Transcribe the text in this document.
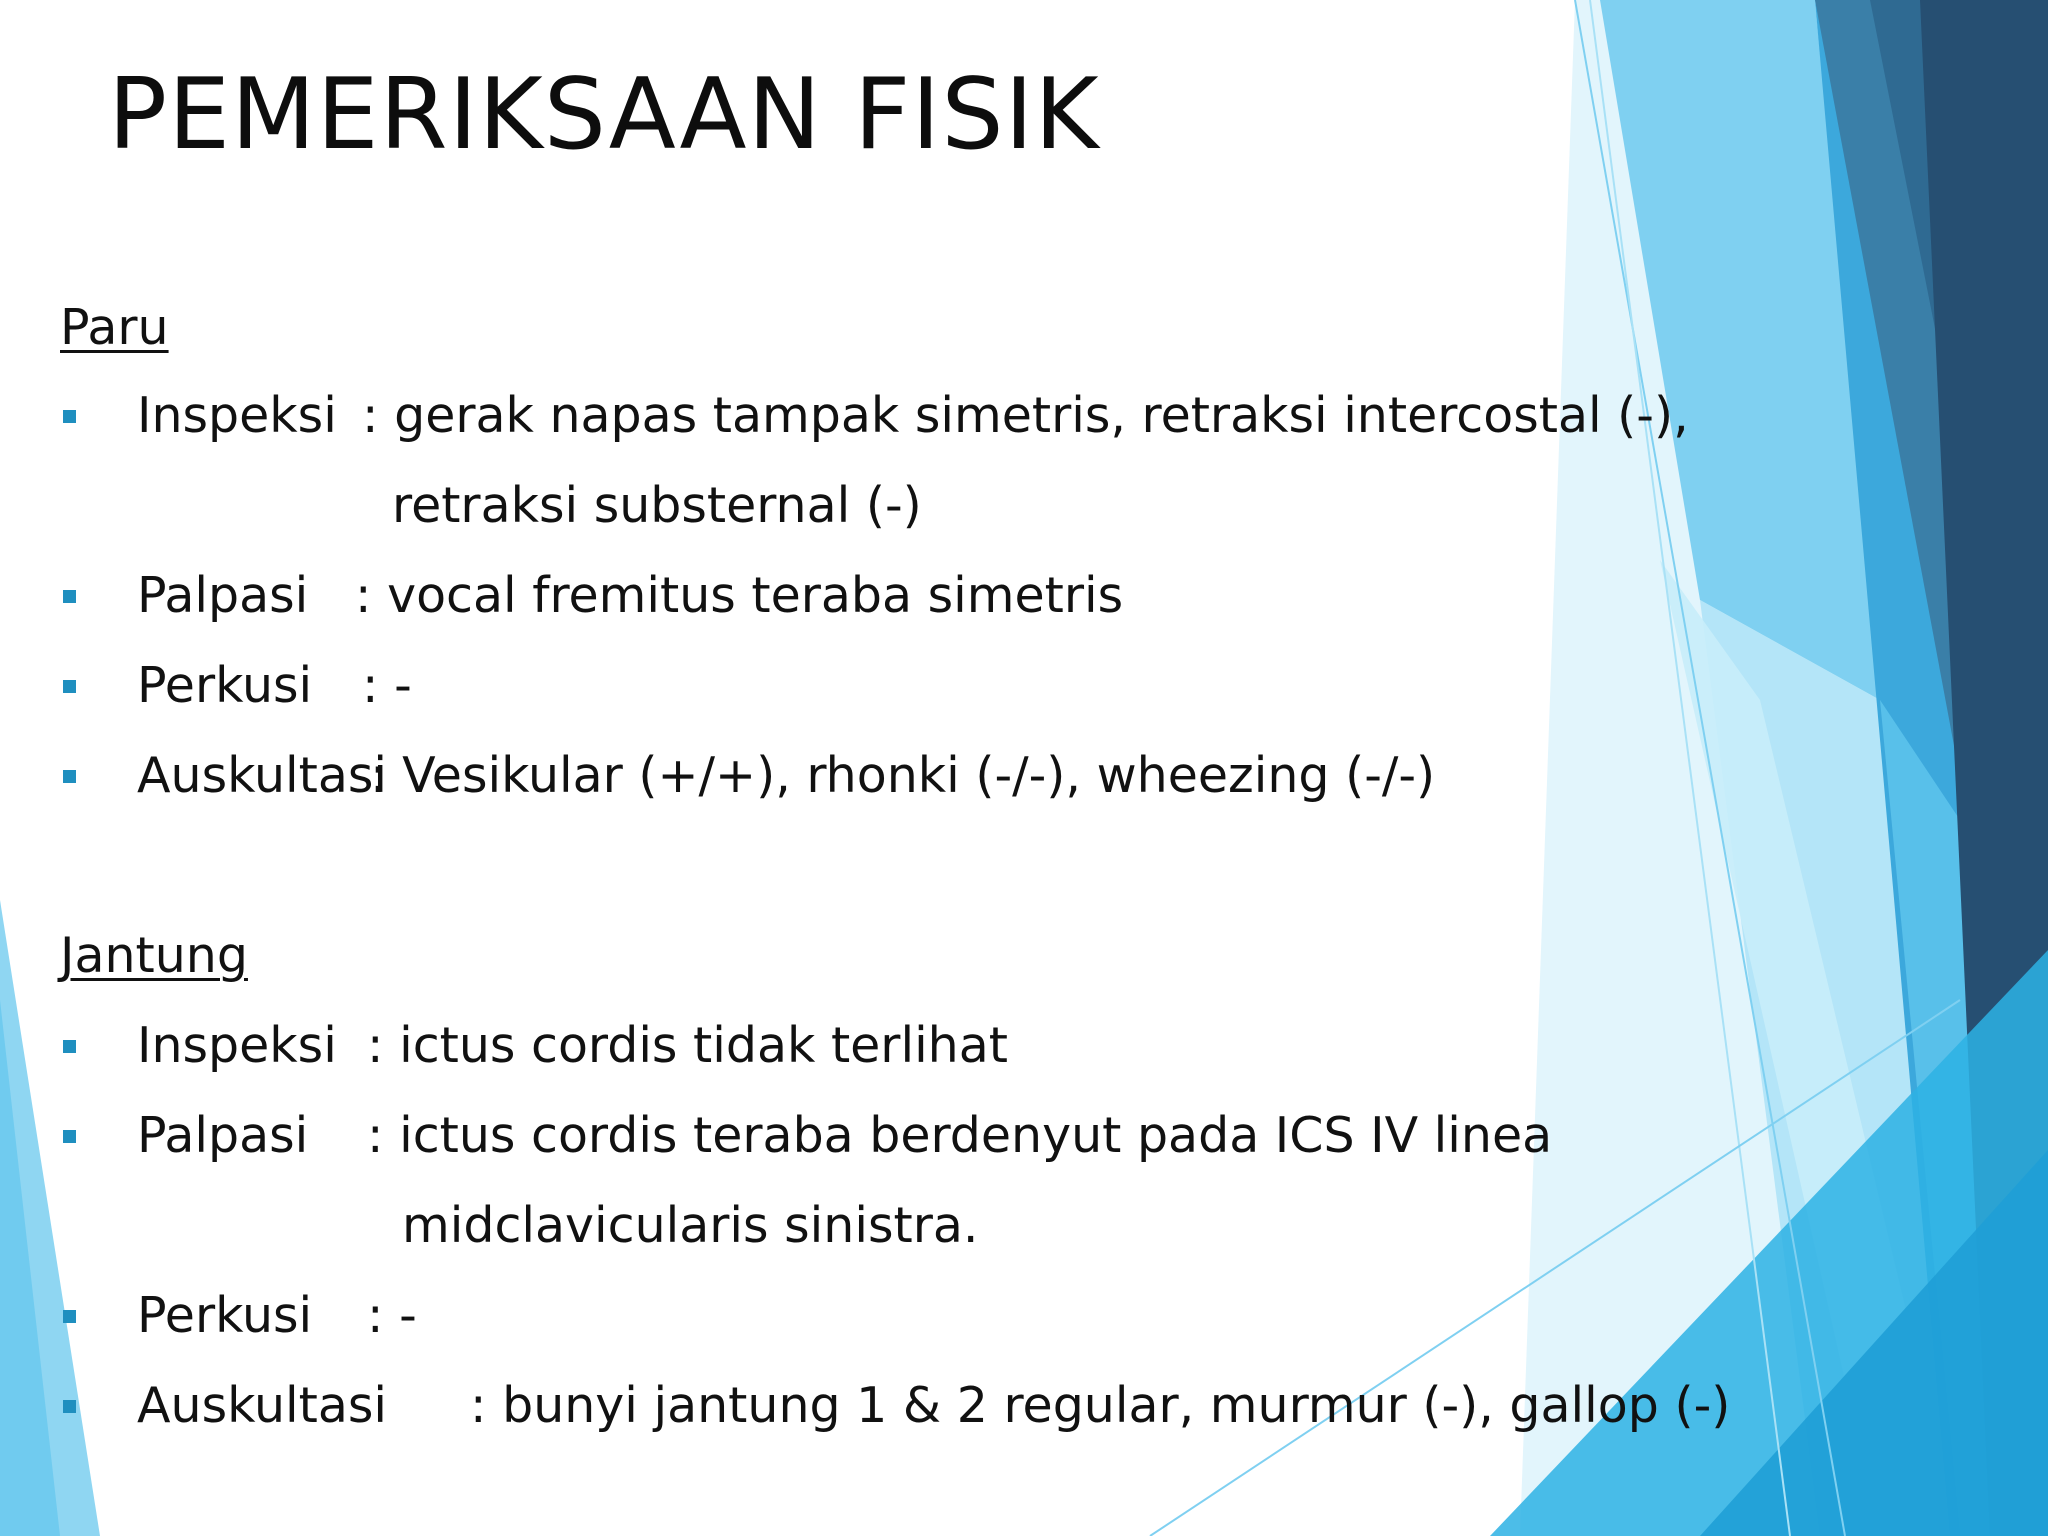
PEMERIKSAAN FISIK
Paru
Inspeksi : gerak napas tampak simetris, retraksi intercostal (-),
retraksi substernal (-)
Palpasi : vocal fremitus teraba simetris
Perkusi : -
Auskultasi
: Vesikular (+/+), rhonki (-/-), wheezing (-/-)
Jantung
Inspeksi : ictus cordis tidak terlihat
Palpasi : ictus cordis teraba berdenyut pada ICS IV linea
midclavicularis sinistra.
Perkusi : -
Auskultasi : bunyi jantung 1 & 2 regular, murmur (-), gallop (-)
